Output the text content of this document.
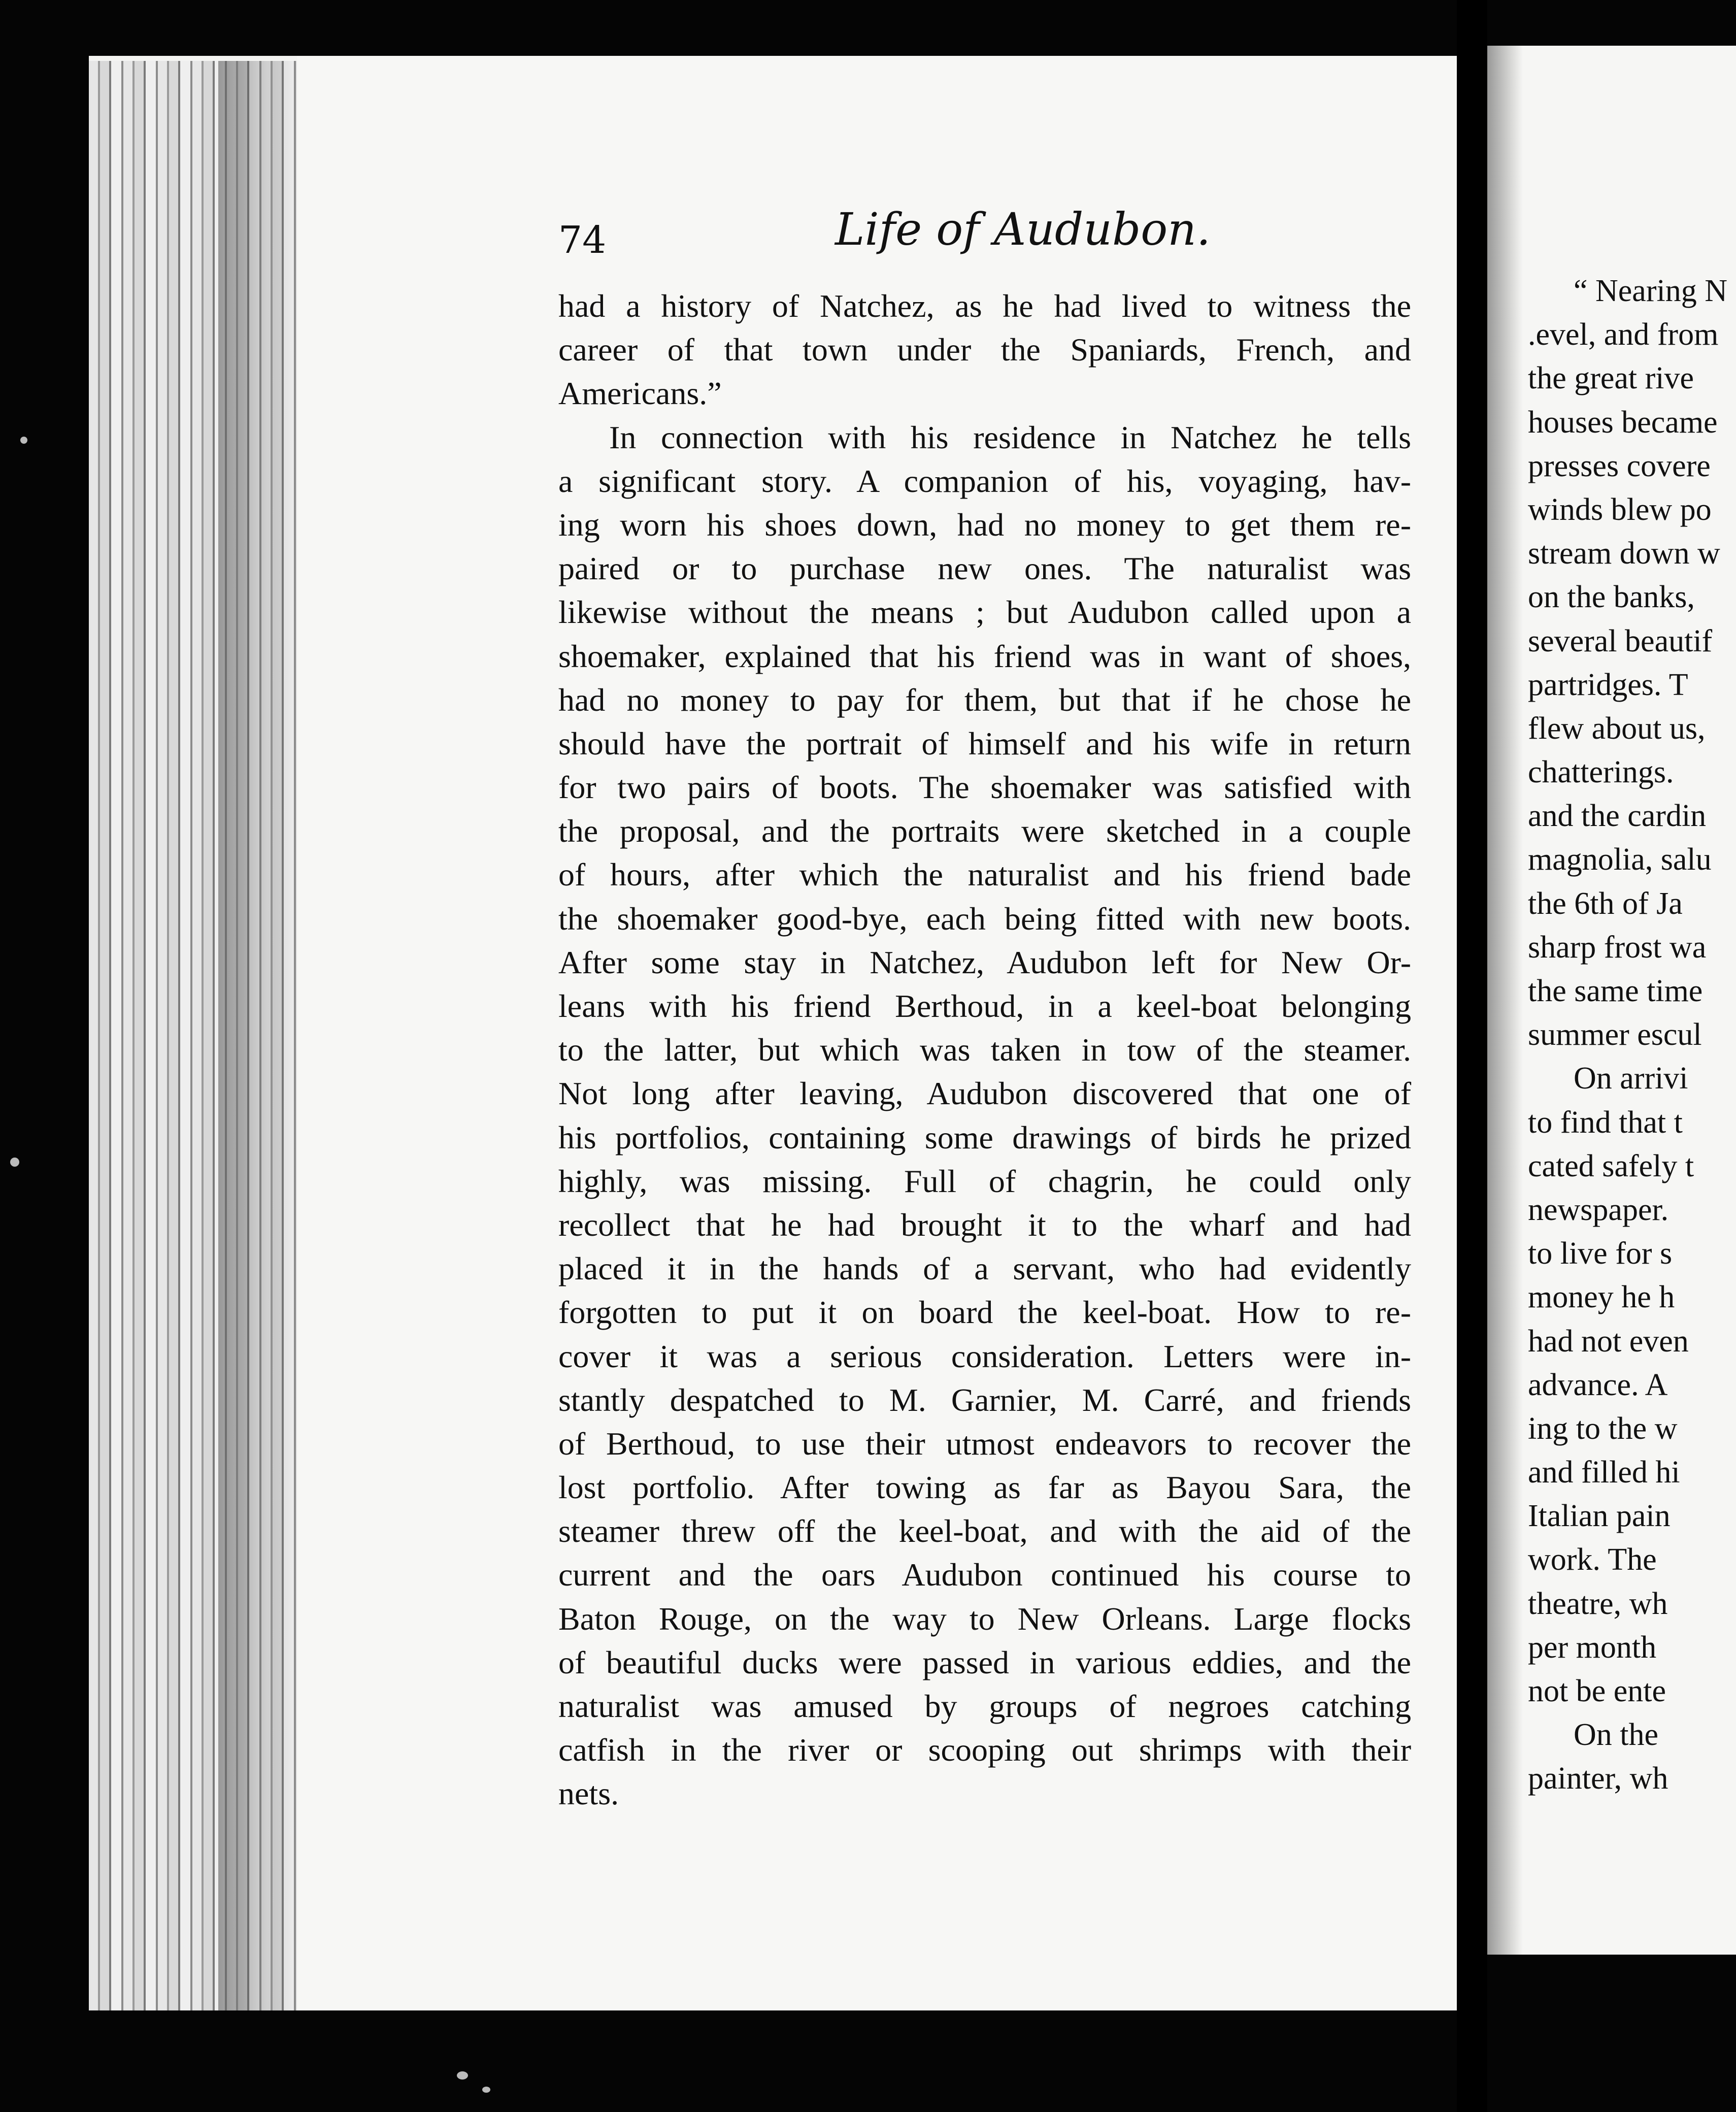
74	Life of Audubon.
had a history of Natchez, as he had lived to witness the
career of that town under the Spaniards, French, and
Americans.”
In connection with his residence in Natchez he tells
a significant story. A companion of his, voyaging, hav-
ing worn his shoes down, had no money to get them re-
paired or to purchase new ones. The naturalist was
likewise without the means ; but Audubon called upon a
shoemaker, explained that his friend was in want of shoes,
had no money to pay for them, but that if he chose he
should have the portrait of himself and his wife in return
for two pairs of boots. The shoemaker was satisfied with
the proposal, and the portraits were sketched in a couple
of hours, after which the naturalist and his friend bade
the shoemaker good-bye, each being fitted with new boots.
After some stay in Natchez, Audubon left for New Or-
leans with his friend Berthoud, in a keel-boat belonging
to the latter, but which was taken in tow of the steamer.
Not long after leaving, Audubon discovered that one of
his portfolios, containing some drawings of birds he prized
highly, was missing. Full of chagrin, he could only
recollect that he had brought it to the wharf and had
placed it in the hands of a servant, who had evidently
forgotten to put it on board the keel-boat. How to re-
cover it was a serious consideration. Letters were in-
stantly despatched to M. Garnier, M. Carré, and friends
of Berthoud, to use their utmost endeavors to recover the
lost portfolio. After towing as far as Bayou Sara, the
steamer threw off the keel-boat, and with the aid of the
current and the oars Audubon continued his course to
Baton Rouge, on the way to New Orleans. Large flocks
of beautiful ducks were passed in various eddies, and the
naturalist was amused by groups of negroes catching
catfish in the river or scooping out shrimps with their
nets.
“ Nearing N
.evel, and from
the great rive
houses became
presses covere
winds blew po
stream down w
on the banks,
several beautif
partridges. T
flew about us,
chatterings.
and the cardin
magnolia, salu
the 6th of Ja
sharp frost wa
the same time
summer escul
On arrivi
to find that t
cated safely t
newspaper.
to live for s
money he h
had not even
advance. A
ing to the w
and filled hi
Italian pain
work. The
theatre, wh
per month
not be ente
On the
painter, wh
